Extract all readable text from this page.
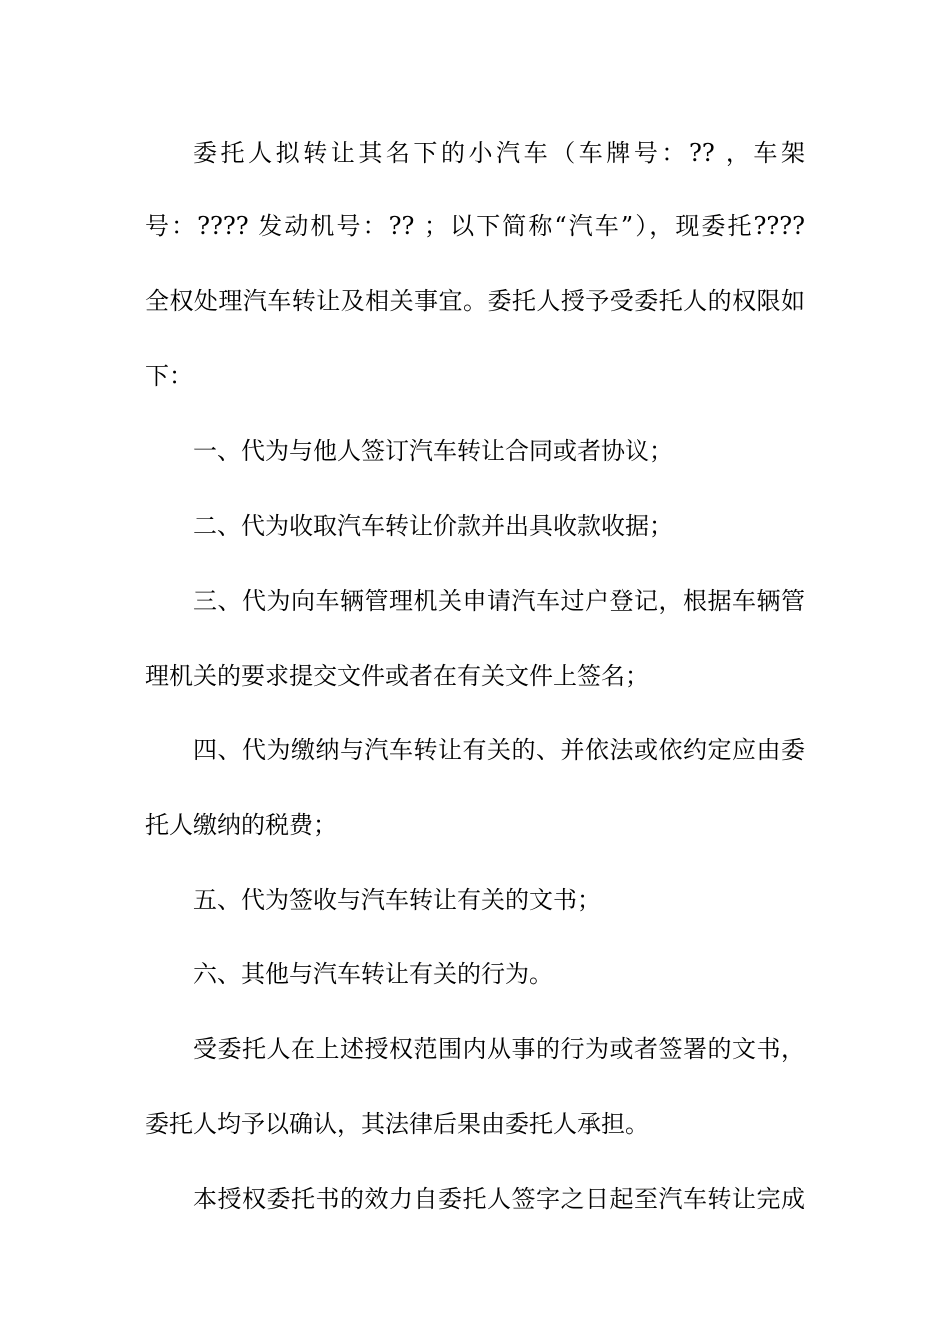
委托人拟转让其名下的小汽车（车牌号：?? ，车架
号：???? 发动机号：?? ；以下简称“汽车”），现委托????
全权处理汽车转让及相关事宜。委托人授予受委托人的权限如
下：
一、代为与他人签订汽车转让合同或者协议；
二、代为收取汽车转让价款并出具收款收据；
三、代为向车辆管理机关申请汽车过户登记，根据车辆管
理机关的要求提交文件或者在有关文件上签名；
四、代为缴纳与汽车转让有关的、并依法或依约定应由委
托人缴纳的税费；
五、代为签收与汽车转让有关的文书；
六、其他与汽车转让有关的行为。
受委托人在上述授权范围内从事的行为或者签署的文书，
委托人均予以确认，其法律后果由委托人承担。
本授权委托书的效力自委托人签字之日起至汽车转让完成
